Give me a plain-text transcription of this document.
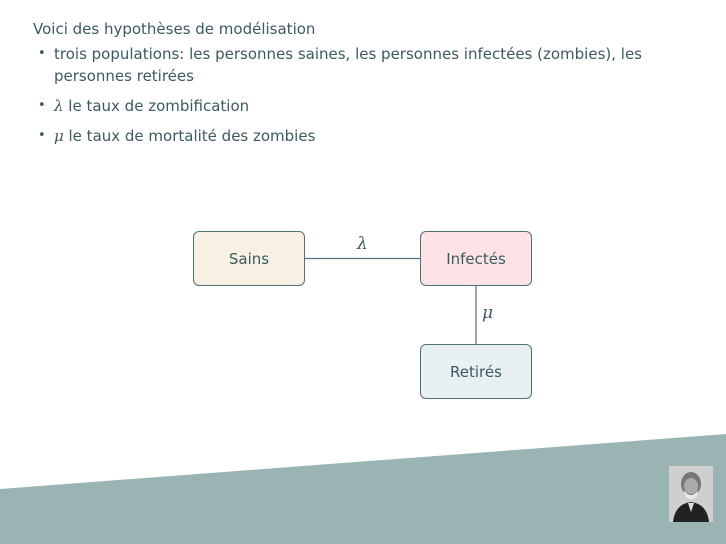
Voici des hypothèses de modélisation
• trois populations: les personnes saines, les personnes infectées (zombies), les personnes retirées
• λ le taux de zombification
• μ le taux de mortalité des zombies
Sains	Infectés
Retirés
λ
μ
